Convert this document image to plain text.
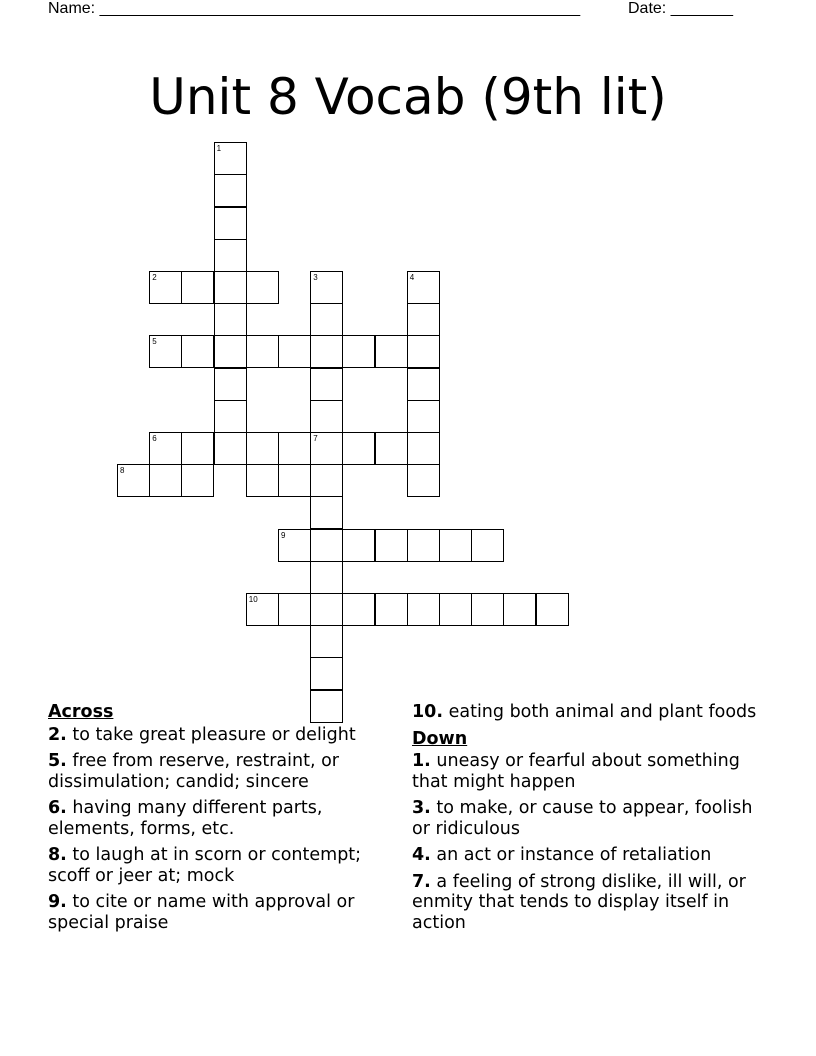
Name: ______________________________________________________	Date: _______
Unit 8 Vocab (9th lit)
1
2	3	4
5
6	7
8
9
10
Across
2. to take great pleasure or delight
5. free from reserve, restraint, or dissimulation; candid; sincere
6. having many different parts, elements, forms, etc.
8. to laugh at in scorn or contempt; scoff or jeer at; mock
9. to cite or name with approval or special praise
10. eating both animal and plant foods
Down
1. uneasy or fearful about something that might happen
3. to make, or cause to appear, foolish or ridiculous
4. an act or instance of retaliation
7. a feeling of strong dislike, ill will, or enmity that tends to display itself in action
